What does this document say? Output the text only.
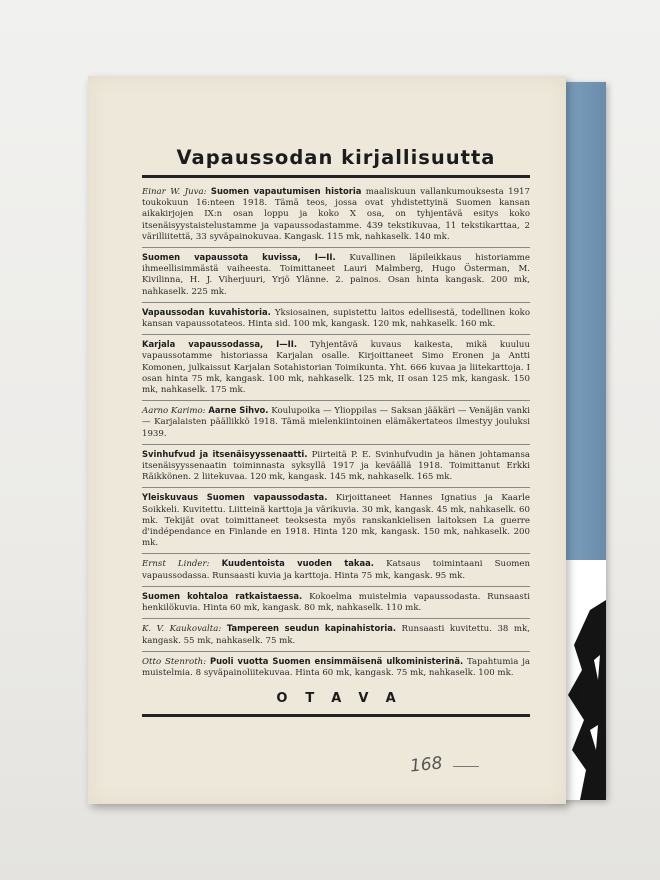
Vapaussodan kirjallisuutta

Einar W. Juva: Suomen vapautumisen historia maaliskuun vallankumouksesta 1917 toukokuun 16:nteen 1918. Tämä teos, jossa ovat yhdistettyinä Suomen kansan aikakirjojen IX:n osan loppu ja koko X osa, on tyhjentävä esitys koko itsenäisyystaistelustamme ja vapaussodastamme. 439 tekstikuvaa, 11 tekstikarttaa, 2 värilliitettä, 33 syväpainokuvaa. Kangask. 115 mk, nahkaselk. 140 mk.

Suomen vapaussota kuvissa, I—II. Kuvallinen läpileikkaus historiamme ihmeellisimmästä vaiheesta. Toimittaneet Lauri Malmberg, Hugo Österman, M. Kivilinna, H. J. Viherjuuri, Yrjö Ylänne. 2. painos. Osan hinta kangask. 200 mk, nahkaselk. 225 mk.

Vapaussodan kuvahistoria. Yksiosainen, supistettu laitos edellisestä, todellinen koko kansan vapaussotateos. Hinta sid. 100 mk, kangask. 120 mk, nahkaselk. 160 mk.

Karjala vapaussodassa, I—II. Tyhjentävä kuvaus kaikesta, mikä kuuluu vapaussotamme historiassa Karjalan osalle. Kirjoittaneet Simo Eronen ja Antti Komonen, julkaissut Karjalan Sotahistorian Toimikunta. Yht. 666 kuvaa ja liitekarttoja. I osan hinta 75 mk, kangask. 100 mk, nahkaselk. 125 mk, II osan 125 mk, kangask. 150 mk, nahkaselk. 175 mk.

Aarno Karimo: Aarne Sihvo. Koulupoika — Ylioppilas — Saksan jääkäri — Venäjän vanki — Karjalaisten päällikkö 1918. Tämä mielenkiintoinen elämäkertateos ilmestyy jouluksi 1939.

Svinhufvud ja itsenäisyyssenaatti. Piirteitä P. E. Svinhufvudin ja hänen johtamansa itsenäisyyssenaatin toiminnasta syksyllä 1917 ja keväällä 1918. Toimittanut Erkki Räikkönen. 2 liitekuvaa. 120 mk, kangask. 145 mk, nahkaselk. 165 mk.

Yleiskuvaus Suomen vapaussodasta. Kirjoittaneet Hannes Ignatius ja Kaarle Soikkeli. Kuvitettu. Liitteinä karttoja ja värikuvia. 30 mk, kangask. 45 mk, nahkaselk. 60 mk. Tekijät ovat toimittaneet teoksesta myös ranskankielisen laitoksen La guerre d'indépendance en Finlande en 1918. Hinta 120 mk, kangask. 150 mk, nahkaselk. 200 mk.

Ernst Linder: Kuudentoista vuoden takaa. Katsaus toimintaani Suomen vapaussodassa. Runsaasti kuvia ja karttoja. Hinta 75 mk, kangask. 95 mk.

Suomen kohtaloa ratkaistaessa. Kokoelma muistelmia vapaussodasta. Runsaasti henkilökuvia. Hinta 60 mk, kangask. 80 mk, nahkaselk. 110 mk.

K. V. Kaukovalta: Tampereen seudun kapinahistoria. Runsaasti kuvitettu. 38 mk, kangask. 55 mk, nahkaselk. 75 mk.

Otto Stenroth: Puoli vuotta Suomen ensimmäisenä ulkoministerinä. Tapahtumia ja muistelmia. 8 syväpainoliitekuvaa. Hinta 60 mk, kangask. 75 mk, nahkaselk. 100 mk.

OTAVA
168
